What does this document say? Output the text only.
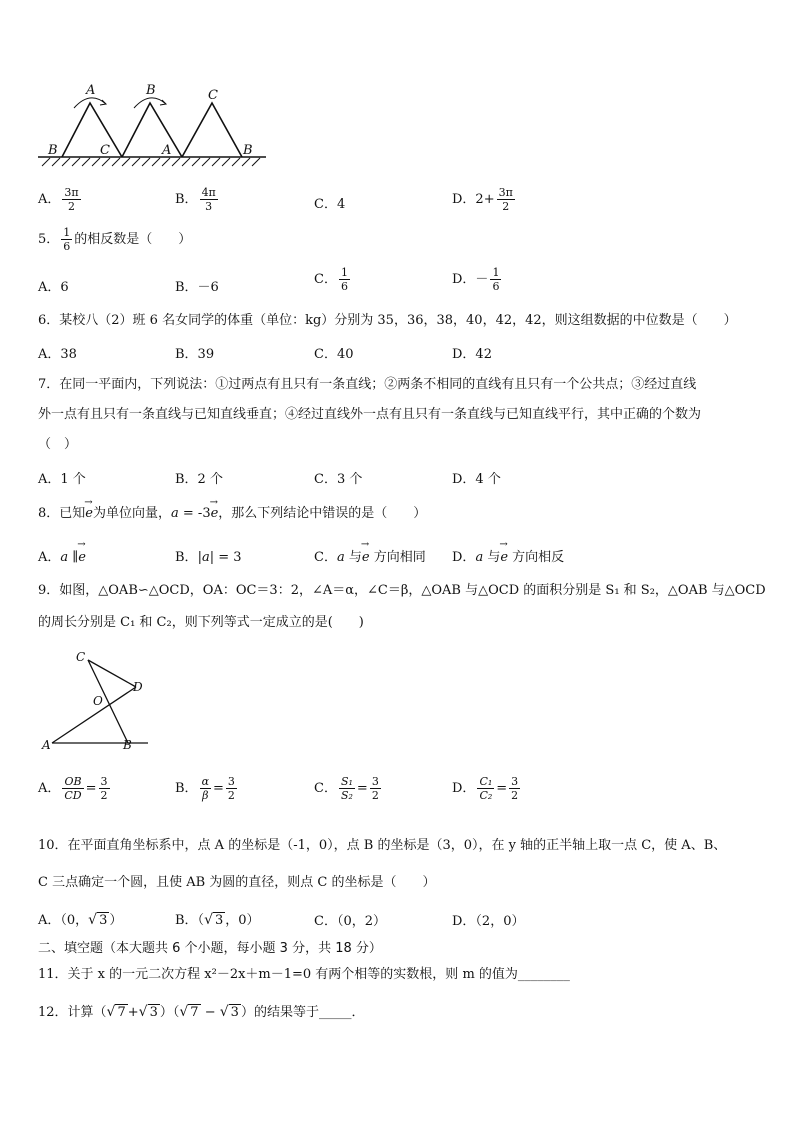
A
B	C
B	C
A	B
A． $\frac{3\pi}{2}$	B． $\frac{4\pi}{3}$	C．4	D．$2+ \frac{3\pi}{2}$
5． $\frac{1}{6}$ 的相反数是（　　）
A．6	B．－6
C． $\frac{1}{6}$	D．－ $\frac{1}{6}$
6．某校八（2）班 6 名女同学的体重（单位：kg）分别为 35，36，38，40，42，42，则这组数据的中位数是（　　）
A．38	B．39	C．40	D．42
7．在同一平面内，下列说法：①过两点有且只有一条直线；②两条不相同的直线有且只有一个公共点；③经过直线
外一点有且只有一条直线与已知直线垂直；④经过直线外一点有且只有一条直线与已知直线平行，其中正确的个数为
（　）
A．1 个	B．2 个	C．3 个	D．4 个
8．已知→ e为单位向量，a = -3→ e，那么下列结论中错误的是（　　）
A．a ∥→ e	B．|a| = 3	C．a 与→ e 方向相同 D．a 与→ e 方向相反
9．如图，△OAB∽△OCD，OA：OC＝3：2，∠A＝α，∠C＝β，△OAB 与△OCD 的面积分别是 S₁ 和 S₂，△OAB 与△OCD
的周长分别是 C₁ 和 C₂，则下列等式一定成立的是(　　)
C
D
O
A	B
A． $\frac{OB}{CD} = \frac{3}{2}$	B． $\frac{\alpha}{\beta} = \frac{3}{2}$	C． $\frac{\text{S₁}}{\text{S₂}} = \frac{3}{2}$	D． $\frac{\text{C₁}}{\text{C₂}} = \frac{3}{2}$
10．在平面直角坐标系中，点 A 的坐标是（-1，0），点 B 的坐标是（3，0），在 y 轴的正半轴上取一点 C，使 A、B、
C 三点确定一个圆，且使 AB 为圆的直径，则点 C 的坐标是（　　）
A．（0，√ 3 ）	B．（√ 3 ，0）	C．（0，2）	D．（2，0）
二、填空题（本大题共 6 个小题，每小题 3 分，共 18 分）
11．关于 x 的一元二次方程 x²－2x＋m－1=0 有两个相等的实数根，则 m 的值为________
12．计算（√ 7 +√ 3 ）（√ 7 − √ 3 ）的结果等于_____．
